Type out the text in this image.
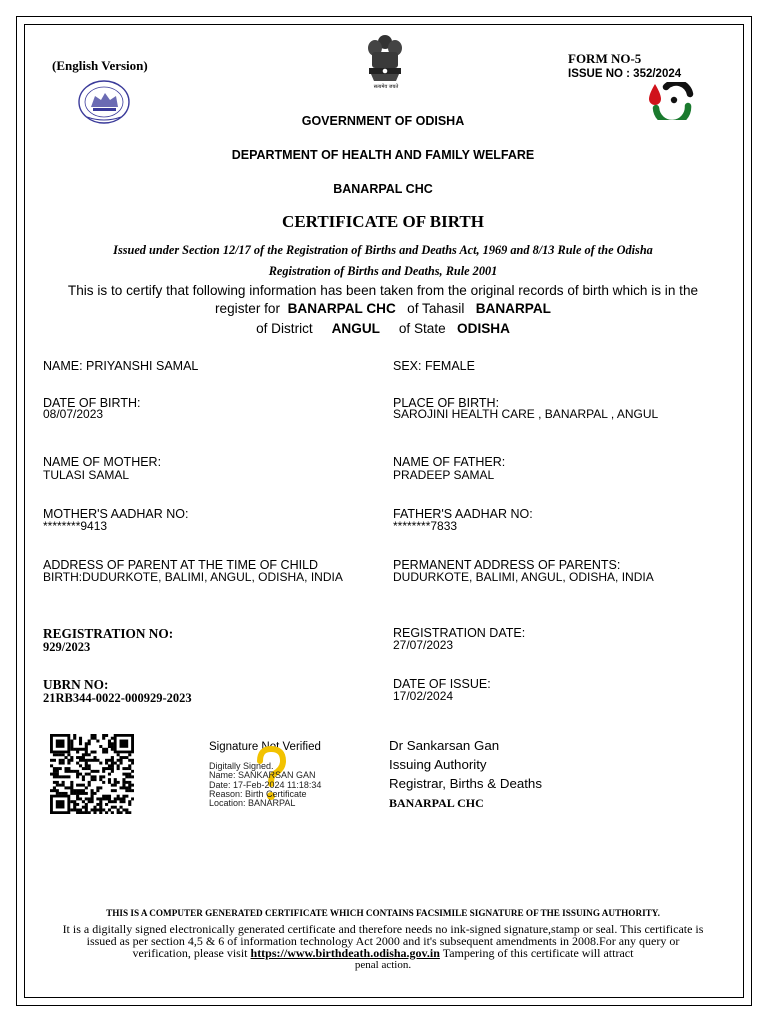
(English Version)
सत्यमेव जयते
FORM NO-5
ISSUE NO : 352/2024
GOVERNMENT OF ODISHA
DEPARTMENT OF HEALTH AND FAMILY WELFARE
BANARPAL CHC
CERTIFICATE OF BIRTH
Issued under Section 12/17 of the Registration of Births and Deaths Act, 1969 and 8/13 Rule of the Odisha
Registration of Births and Deaths, Rule 2001
This is to certify that following information has been taken from the original records of birth which is in the
register for BANARPAL CHC of Tahasil BANARPAL
of District ANGUL of State ODISHA
NAME: PRIYANSHI SAMAL
DATE OF BIRTH:
08/07/2023
NAME OF MOTHER:
TULASI SAMAL
MOTHER'S AADHAR NO:
********9413
ADDRESS OF PARENT AT THE TIME OF CHILD
BIRTH:DUDURKOTE, BALIMI, ANGUL, ODISHA, INDIA
REGISTRATION NO:
929/2023
UBRN NO:
21RB344-0022-000929-2023
SEX: FEMALE
PLACE OF BIRTH:
SAROJINI HEALTH CARE , BANARPAL , ANGUL
NAME OF FATHER:
PRADEEP SAMAL
FATHER'S AADHAR NO:
********7833
PERMANENT ADDRESS OF PARENTS:
DUDURKOTE, BALIMI, ANGUL, ODISHA, INDIA
REGISTRATION DATE:
27/07/2023
DATE OF ISSUE:
17/02/2024
Signature Not Verified
Digitally Signed.
Name: SANKARSAN GAN
Date: 17-Feb-2024 11:18:34
Reason: Birth Certificate
Location: BANARPAL
Dr Sankarsan Gan
Issuing Authority
Registrar, Births & Deaths
BANARPAL CHC
THIS IS A COMPUTER GENERATED CERTIFICATE WHICH CONTAINS FACSIMILE SIGNATURE OF THE ISSUING AUTHORITY.
It is a digitally signed electronically generated certificate and therefore needs no ink-signed signature,stamp or seal. This certificate is
issued as per section 4,5 & 6 of information technology Act 2000 and it's subsequent amendments in 2008.For any query or
verification, please visit https://www.birthdeath.odisha.gov.in Tampering of this certificate will attract
penal action.
